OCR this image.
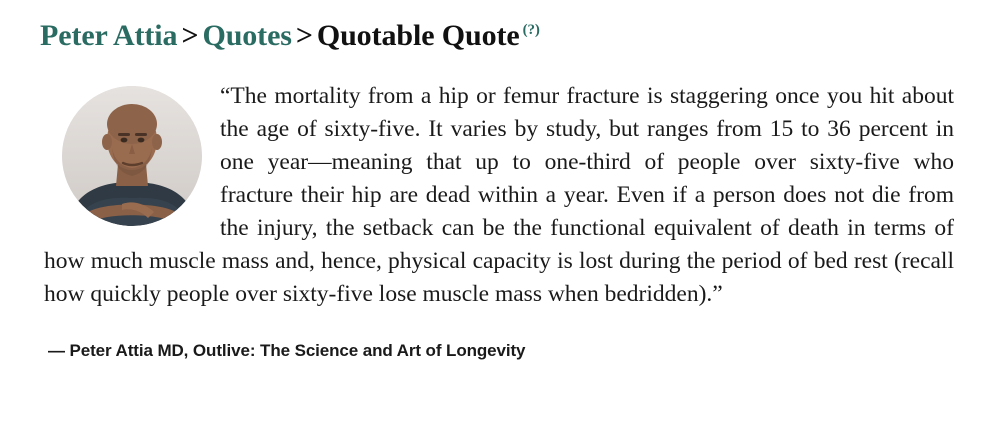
Peter Attia > Quotes > Quotable Quote (?)

“The mortality from a hip or femur fracture is staggering once you hit about the age of sixty-five. It varies by study, but ranges from 15 to 36 percent in one year—meaning that up to one-third of people over sixty-five who fracture their hip are dead within a year. Even if a person does not die from the injury, the setback can be the functional equivalent of death in terms of how much muscle mass and, hence, physical capacity is lost during the period of bed rest (recall how quickly people over sixty-five lose muscle mass when bedridden).”

— Peter Attia MD, Outlive: The Science and Art of Longevity
